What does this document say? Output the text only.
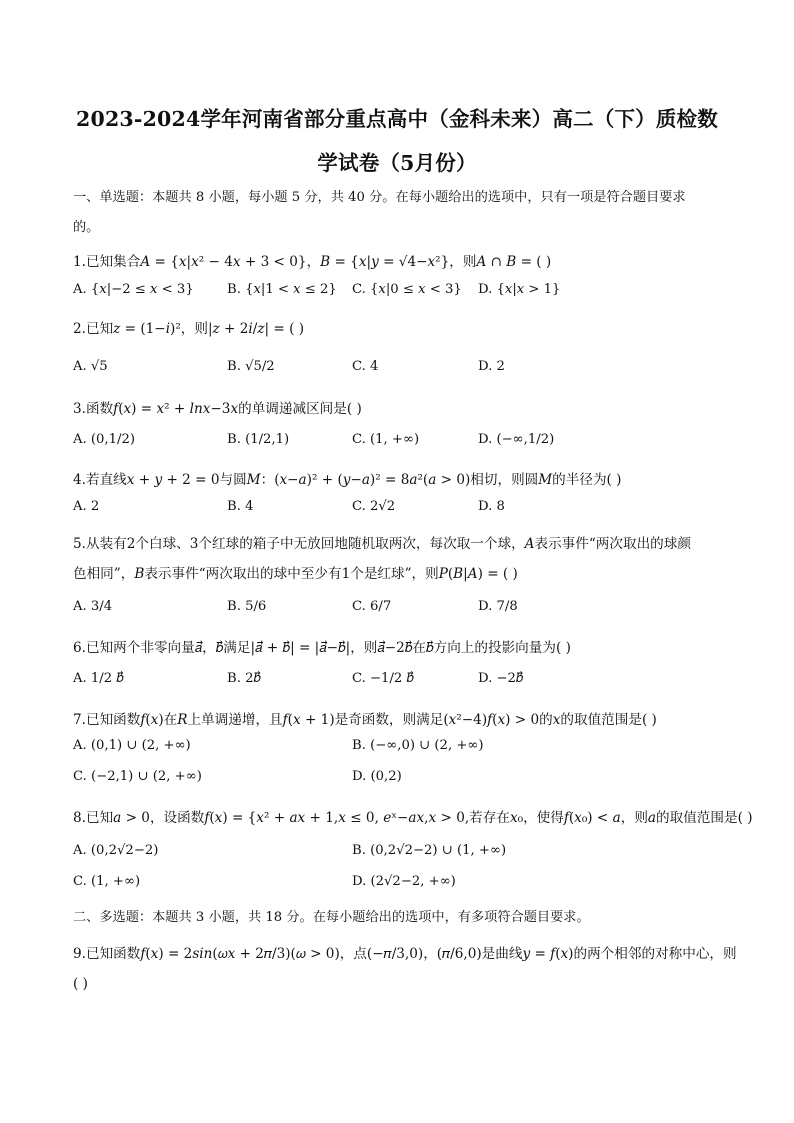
2023-2024学年河南省部分重点高中（金科未来）高二（下）质检数
学试卷（5月份）
一、单选题：本题共 8 小题，每小题 5 分，共 40 分。在每小题给出的选项中，只有一项是符合题目要求
的。
1.已知集合𝐴 = {𝑥|𝑥² − 4𝑥 + 3 < 0}，𝐵 = {𝑥|𝑦 = √4−𝑥²}，则𝐴 ∩ 𝐵 = ( )
A. {𝑥|−2 ≤ 𝑥 < 3}	B. {𝑥|1 < 𝑥 ≤ 2} C. {𝑥|0 ≤ 𝑥 < 3} D. {𝑥|𝑥 > 1}
2.已知𝑧 = (1−𝑖)²，则|𝑧 + 2𝑖/𝑧| = ( )
A. √5	B. √5/2	C. 4	D. 2
3.函数𝑓(𝑥) = 𝑥² + 𝑙𝑛𝑥−3𝑥的单调递减区间是( )
A. (0,1/2)	B. (1/2,1)	C. (1, +∞)	D. (−∞,1/2)
4.若直线𝑥 + 𝑦 + 2 = 0与圆𝑀：(𝑥−𝑎)² + (𝑦−𝑎)² = 8𝑎²(𝑎 > 0)相切，则圆𝑀的半径为( )
A. 2	B. 4	C. 2√2	D. 8
5.从装有2个白球、3个红球的箱子中无放回地随机取两次，每次取一个球，𝐴表示事件“两次取出的球颜
色相同”，𝐵表示事件“两次取出的球中至少有1个是红球”，则𝑃(𝐵|𝐴) = ( )
A. 3/4	B. 5/6	C. 6/7	D. 7/8
6.已知两个非零向量𝑎⃗，𝑏⃗满足|𝑎⃗ + 𝑏⃗| = |𝑎⃗−𝑏⃗|，则𝑎⃗−2𝑏⃗在𝑏⃗方向上的投影向量为( )
A. 1/2 𝑏⃗	B. 2𝑏⃗	C. −1/2 𝑏⃗	D. −2𝑏⃗
7.已知函数𝑓(𝑥)在𝑅上单调递增，且𝑓(𝑥 + 1)是奇函数，则满足(𝑥²−4)𝑓(𝑥) > 0的𝑥的取值范围是( )
A. (0,1) ∪ (2, +∞)	B. (−∞,0) ∪ (2, +∞)
C. (−2,1) ∪ (2, +∞)	D. (0,2)
8.已知𝑎 > 0，设函数𝑓(𝑥) = {𝑥² + 𝑎𝑥 + 1,𝑥 ≤ 0, 𝑒ˣ−𝑎𝑥,𝑥 > 0,若存在𝑥₀，使得𝑓(𝑥₀) < 𝑎，则𝑎的取值范围是( )
A. (0,2√2−2)	B. (0,2√2−2) ∪ (1, +∞)
C. (1, +∞)	D. (2√2−2, +∞)
二、多选题：本题共 3 小题，共 18 分。在每小题给出的选项中，有多项符合题目要求。
9.已知函数𝑓(𝑥) = 2𝑠𝑖𝑛(𝜔𝑥 + 2𝜋/3)(𝜔 > 0)，点(−𝜋/3,0)，(𝜋/6,0)是曲线𝑦 = 𝑓(𝑥)的两个相邻的对称中心，则
( )
